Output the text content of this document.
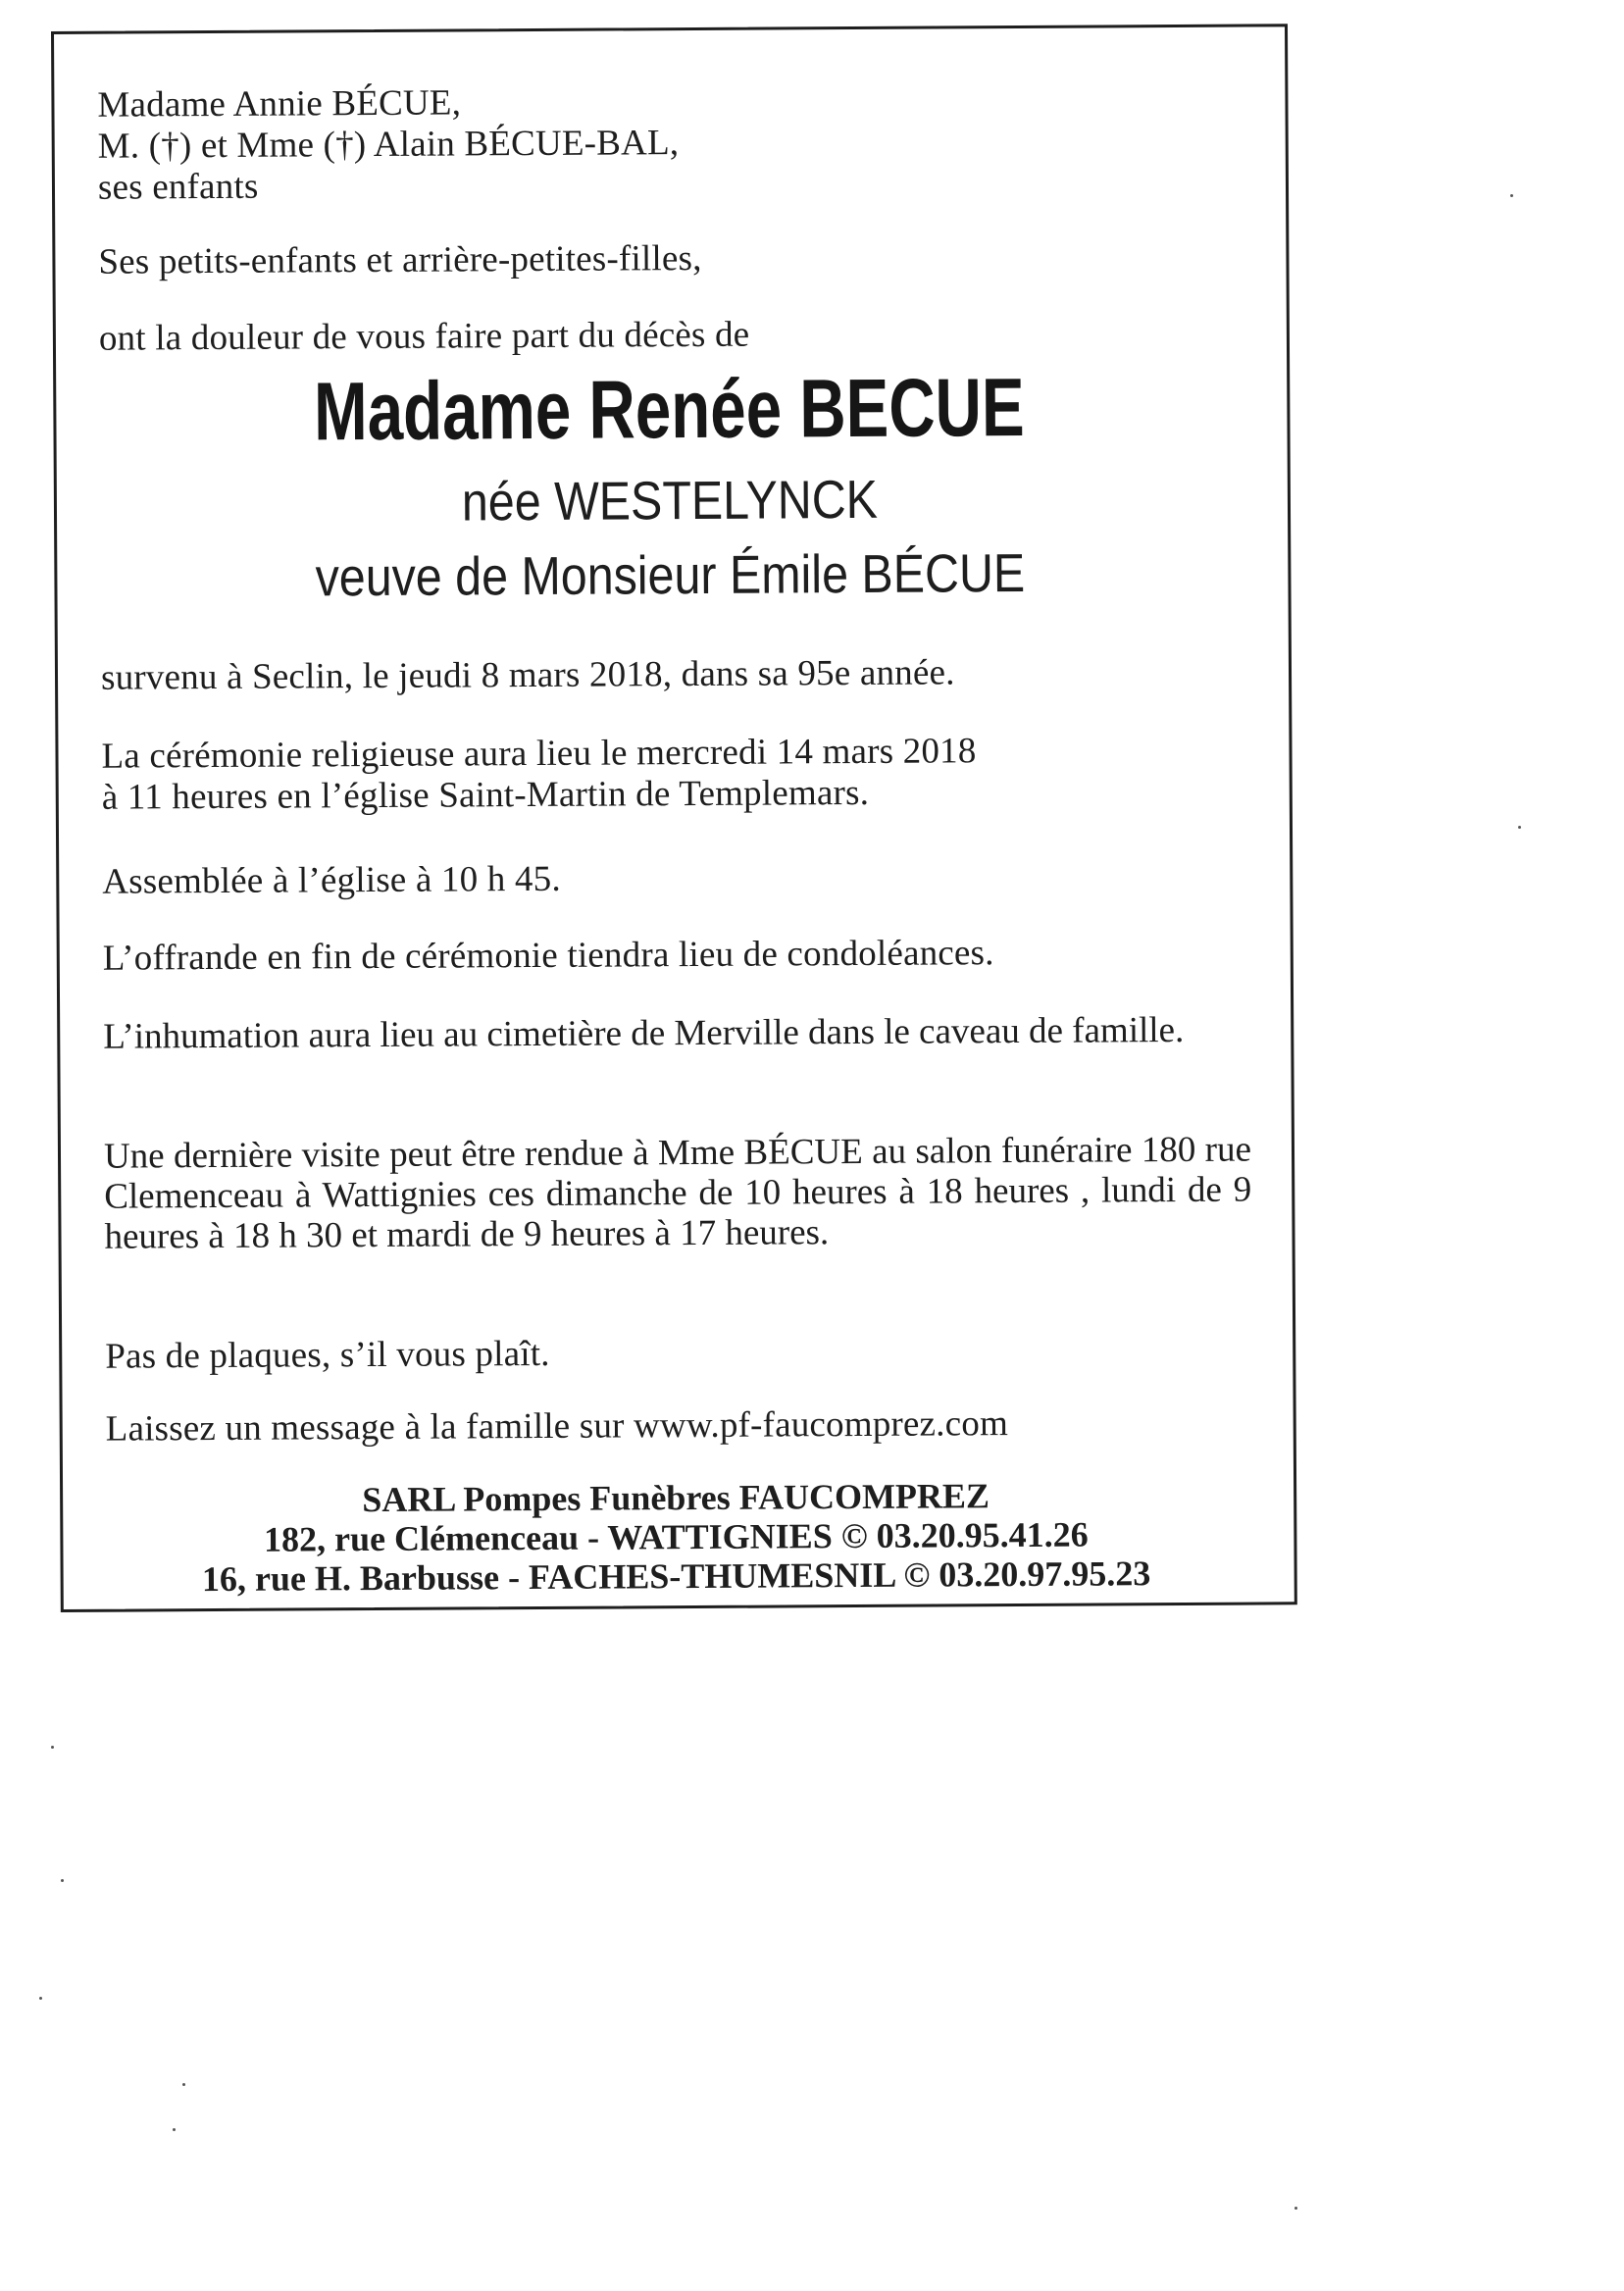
Madame Annie BÉCUE,
M. (†) et Mme (†) Alain BÉCUE-BAL,
ses enfants
Ses petits-enfants et arrière-petites-filles,
ont la douleur de vous faire part du décès de
Madame Renée BECUE
née WESTELYNCK
veuve de Monsieur Émile BÉCUE
survenu à Seclin, le jeudi 8 mars 2018, dans sa 95e année.
La cérémonie religieuse aura lieu le mercredi 14 mars 2018
à 11 heures en l’église Saint-Martin de Templemars.
Assemblée à l’église à 10 h 45.
L’offrande en fin de cérémonie tiendra lieu de condoléances.
L’inhumation aura lieu au cimetière de Merville dans le caveau de famille.
Une dernière visite peut être rendue à Mme BÉCUE au salon funéraire 180 rue Clemenceau à Wattignies ces dimanche de 10 heures à 18 heures , lundi de 9 heures à 18 h 30 et mardi de 9 heures à 17 heures.
Pas de plaques, s’il vous plaît.
Laissez un message à la famille sur www.pf-faucomprez.com
SARL Pompes Funèbres FAUCOMPREZ
182, rue Clémenceau - WATTIGNIES © 03.20.95.41.26
16, rue H. Barbusse - FACHES-THUMESNIL © 03.20.97.95.23
